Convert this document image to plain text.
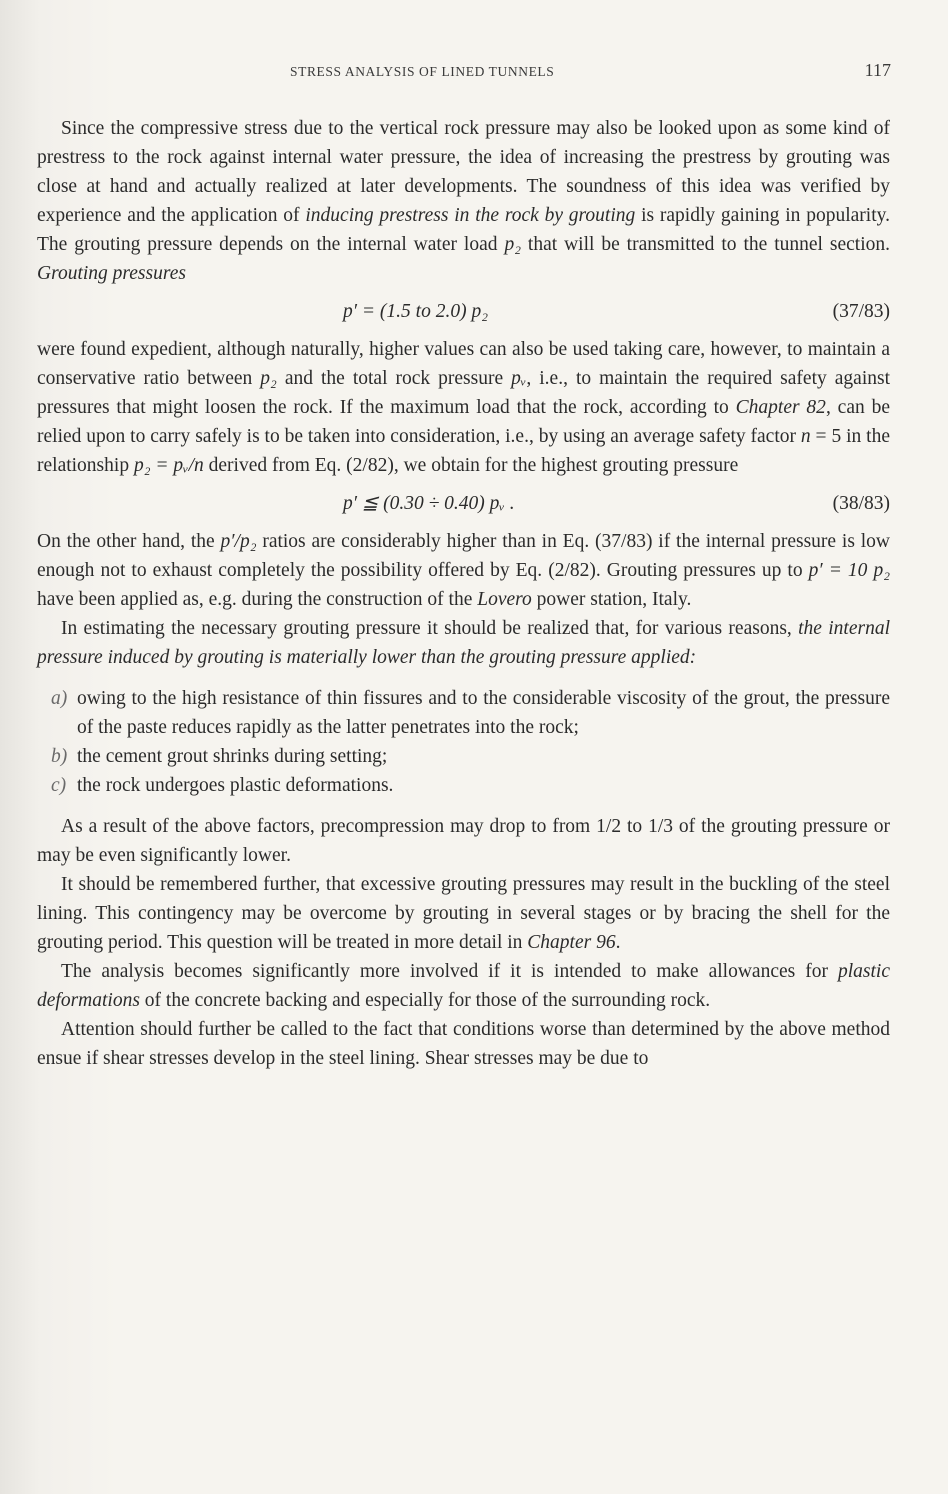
STRESS ANALYSIS OF LINED TUNNELS	117

Since the compressive stress due to the vertical rock pressure may also be looked upon as some kind of prestress to the rock against internal water pressure, the idea of increasing the prestress by grouting was close at hand and actually realized at later developments. The soundness of this idea was verified by experience and the application of inducing prestress in the rock by grouting is rapidly gaining in popularity. The grouting pressure depends on the internal water load p₂ that will be transmitted to the tunnel section. Grouting pressures

p′ = (1.5 to 2.0) p₂	(37/83)

were found expedient, although naturally, higher values can also be used taking care, however, to maintain a conservative ratio between p₂ and the total rock pressure pᵥ, i.e., to maintain the required safety against pressures that might loosen the rock. If the maximum load that the rock, according to Chapter 82, can be relied upon to carry safely is to be taken into consideration, i.e., by using an average safety factor n = 5 in the relationship p₂ = pᵥ/n derived from Eq. (2/82), we obtain for the highest grouting pressure

p′ ≦ (0.30 ÷ 0.40) pᵥ .	(38/83)

On the other hand, the p′/p₂ ratios are considerably higher than in Eq. (37/83) if the internal pressure is low enough not to exhaust completely the possibility offered by Eq. (2/82). Grouting pressures up to p′ = 10 p₂ have been applied as, e.g. during the construction of the Lovero power station, Italy.

In estimating the necessary grouting pressure it should be realized that, for various reasons, the internal pressure induced by grouting is materially lower than the grouting pressure applied:

a) owing to the high resistance of thin fissures and to the considerable viscosity of the grout, the pressure of the paste reduces rapidly as the latter penetrates into the rock;
b) the cement grout shrinks during setting;
c) the rock undergoes plastic deformations.

As a result of the above factors, precompression may drop to from 1/2 to 1/3 of the grouting pressure or may be even significantly lower.

It should be remembered further, that excessive grouting pressures may result in the buckling of the steel lining. This contingency may be overcome by grouting in several stages or by bracing the shell for the grouting period. This question will be treated in more detail in Chapter 96.

The analysis becomes significantly more involved if it is intended to make allowances for plastic deformations of the concrete backing and especially for those of the surrounding rock.

Attention should further be called to the fact that conditions worse than determined by the above method ensue if shear stresses develop in the steel lining. Shear stresses may be due to
